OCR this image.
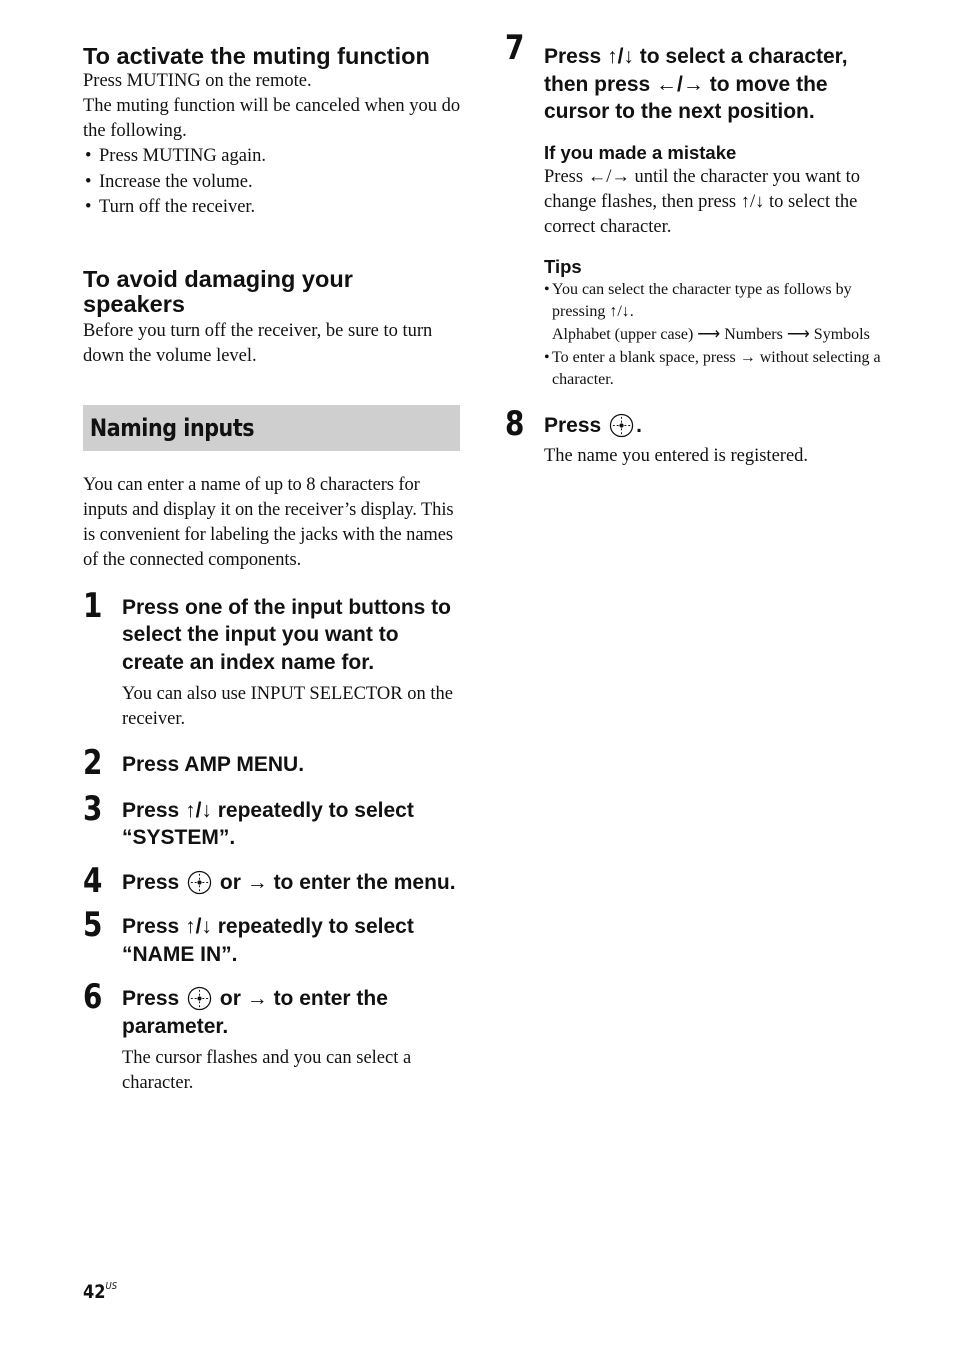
To activate the muting function

Press MUTING on the remote.

The muting function will be canceled when you do the following.

• Press MUTING again.
• Increase the volume.
• Turn off the receiver.
To avoid damaging your speakers

Before you turn off the receiver, be sure to turn down the volume level.

Naming inputs

You can enter a name of up to 8 characters for inputs and display it on the receiver’s display. This is convenient for labeling the jacks with the names of the connected components.

1 Press one of the input buttons to select the input you want to create an index name for.

You can also use INPUT SELECTOR on the receiver.

2 Press AMP MENU.

3 Press ↑/↓ repeatedly to select “SYSTEM”.

4 Press  or → to enter the menu.

5 Press ↑/↓ repeatedly to select “NAME IN”.

6 Press  or → to enter the parameter.

The cursor flashes and you can select a character.

7 Press ↑/↓ to select a character, then press ←/→ to move the cursor to the next position.

If you made a mistake

Press ←/→ until the character you want to change flashes, then press ↑/↓ to select the correct character.

Tips

• You can select the character type as follows by pressing ↑/↓.
Alphabet (upper case) ⟶ Numbers ⟶ Symbols
• To enter a blank space, press → without selecting a character.
8 Press .

The name you entered is registered.

$42^{US}$
